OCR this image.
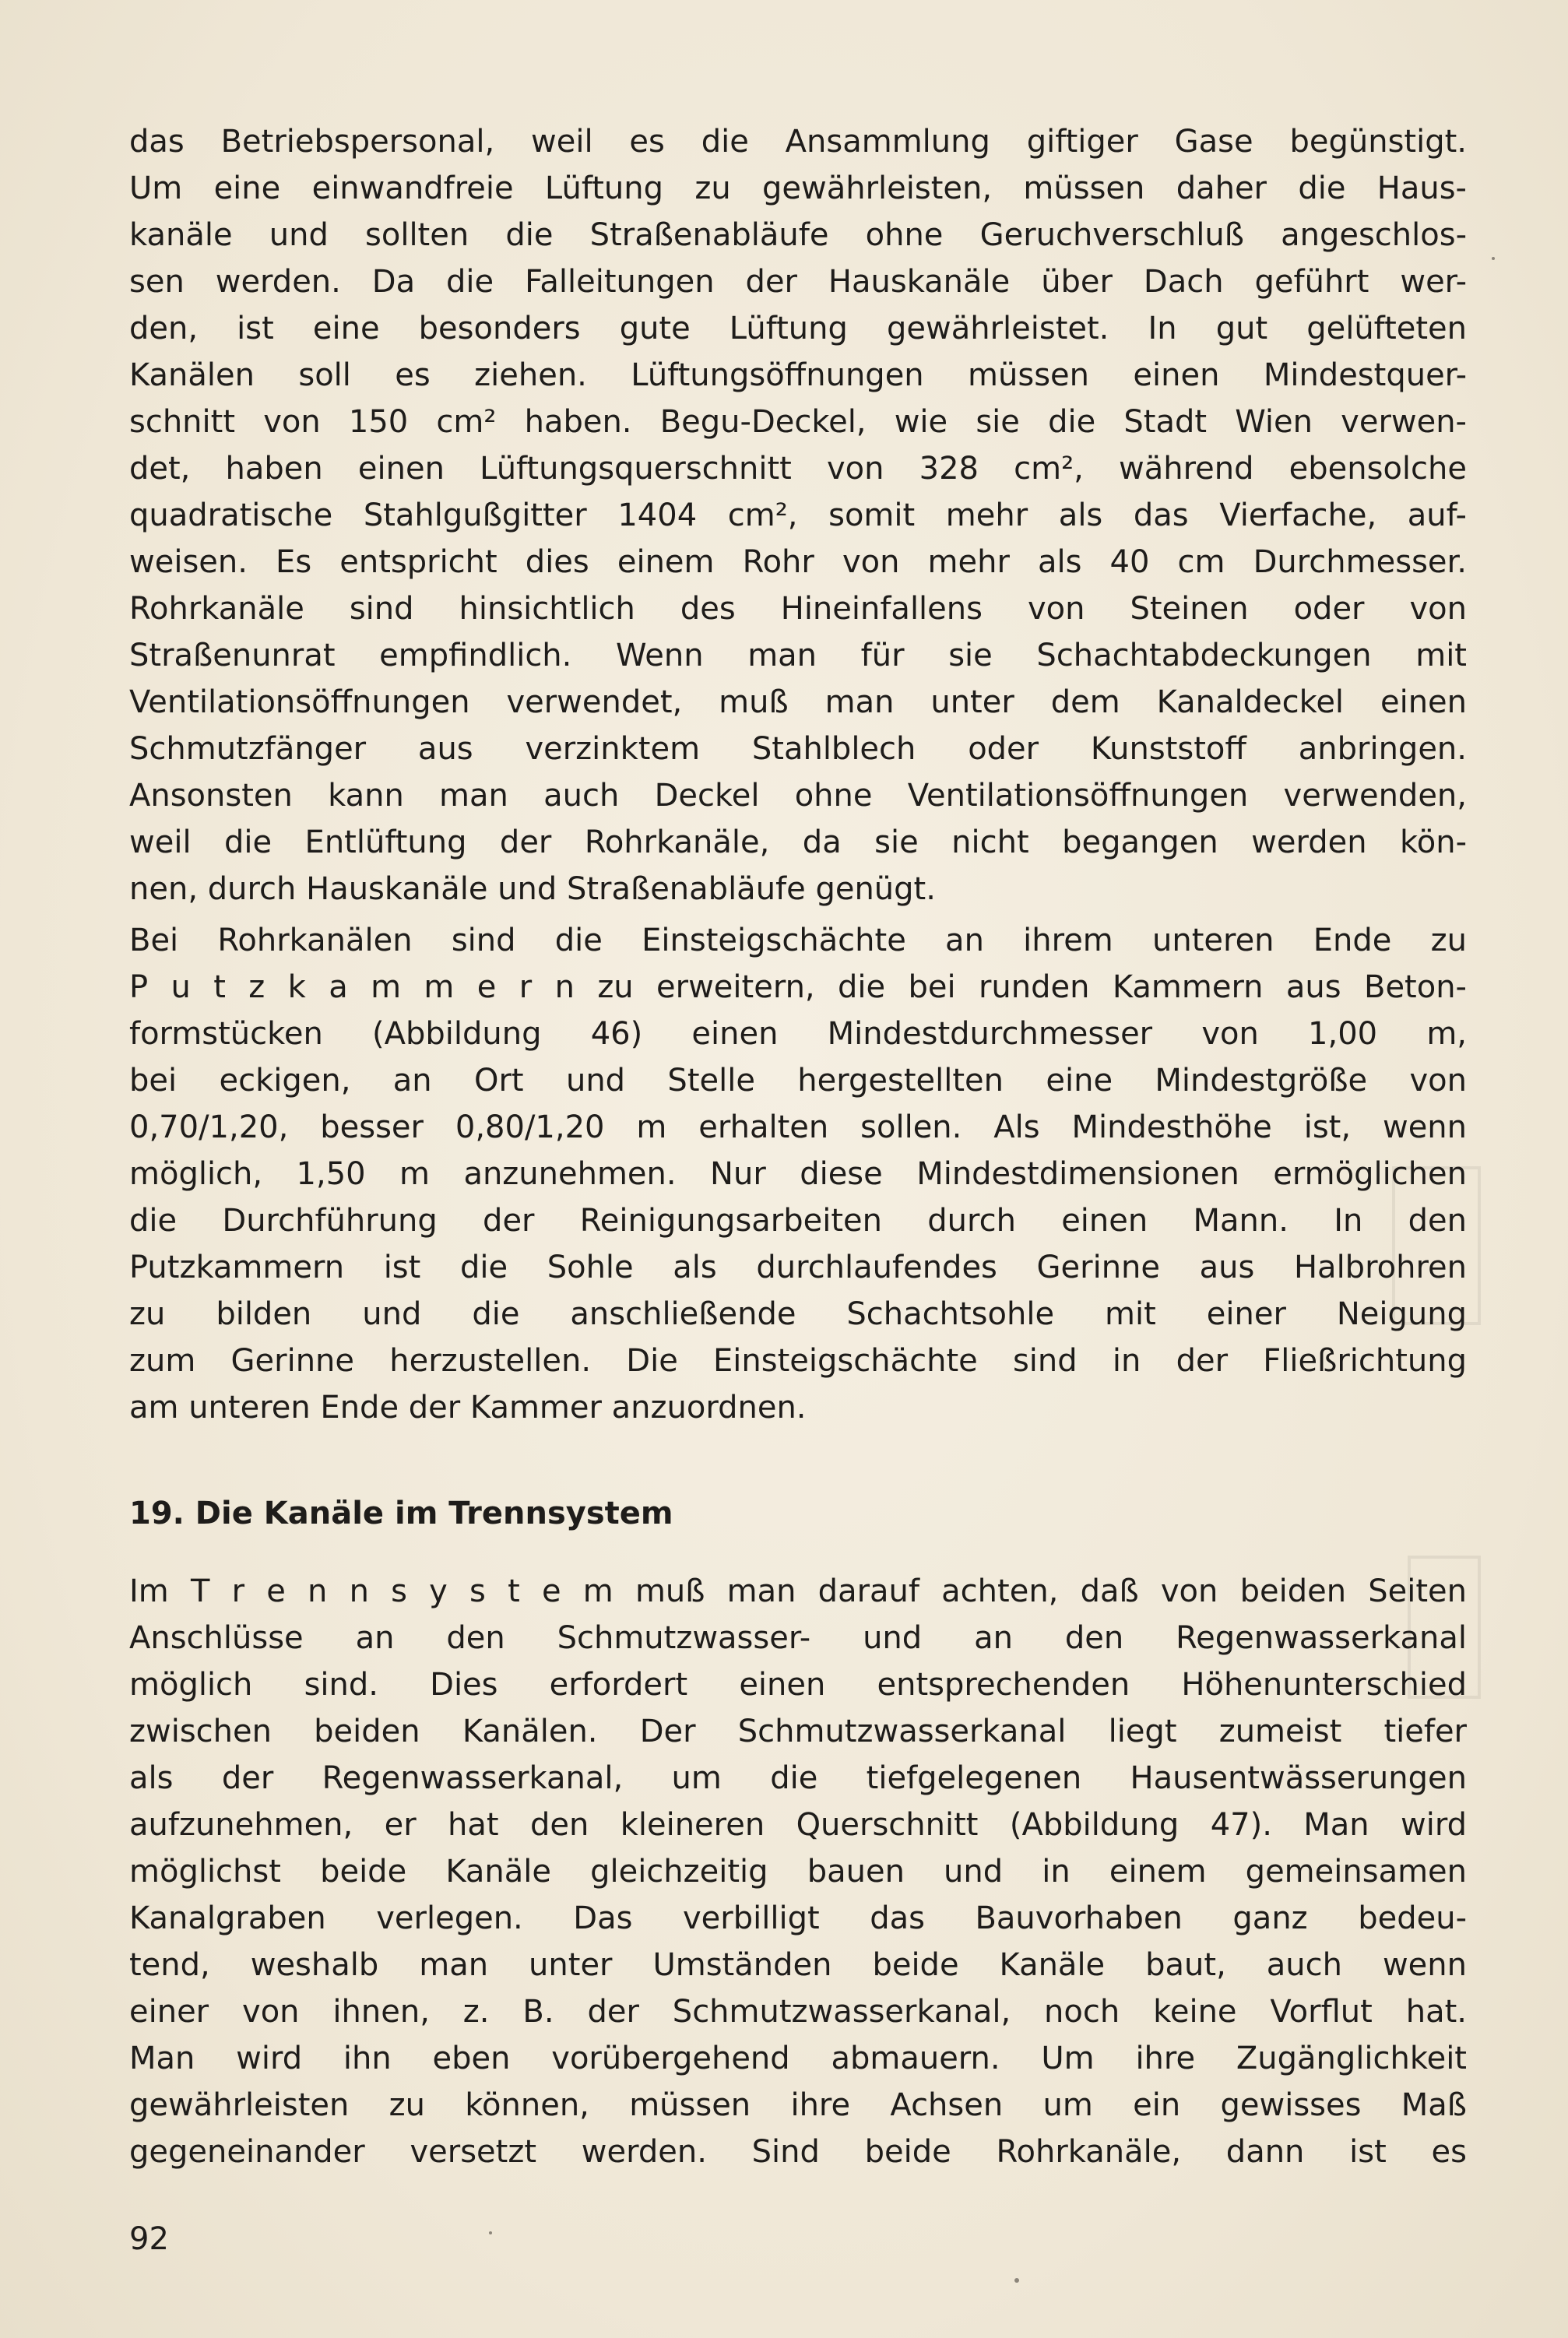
das Betriebspersonal, weil es die Ansammlung giftiger Gase begünstigt.
Um eine einwandfreie Lüftung zu gewährleisten, müssen daher die Haus-
kanäle und sollten die Straßenabläufe ohne Geruchverschluß angeschlos-
sen werden. Da die Falleitungen der Hauskanäle über Dach geführt wer-
den, ist eine besonders gute Lüftung gewährleistet. In gut gelüfteten
Kanälen soll es ziehen. Lüftungsöffnungen müssen einen Mindestquer-
schnitt von 150 cm² haben. Begu-Deckel, wie sie die Stadt Wien verwen-
det, haben einen Lüftungsquerschnitt von 328 cm², während ebensolche
quadratische Stahlgußgitter 1404 cm², somit mehr als das Vierfache, auf-
weisen. Es entspricht dies einem Rohr von mehr als 40 cm Durchmesser.
Rohrkanäle sind hinsichtlich des Hineinfallens von Steinen oder von
Straßenunrat empfindlich. Wenn man für sie Schachtabdeckungen mit
Ventilationsöffnungen verwendet, muß man unter dem Kanaldeckel einen
Schmutzfänger aus verzinktem Stahlblech oder Kunststoff anbringen.
Ansonsten kann man auch Deckel ohne Ventilationsöffnungen verwenden,
weil die Entlüftung der Rohrkanäle, da sie nicht begangen werden kön-
nen, durch Hauskanäle und Straßenabläufe genügt.
Bei Rohrkanälen sind die Einsteigschächte an ihrem unteren Ende zu
P u t z k a m m e r n zu erweitern, die bei runden Kammern aus Beton-
formstücken (Abbildung 46) einen Mindestdurchmesser von 1,00 m,
bei eckigen, an Ort und Stelle hergestellten eine Mindestgröße von
0,70/1,20, besser 0,80/1,20 m erhalten sollen. Als Mindesthöhe ist, wenn
möglich, 1,50 m anzunehmen. Nur diese Mindestdimensionen ermöglichen
die Durchführung der Reinigungsarbeiten durch einen Mann. In den
Putzkammern ist die Sohle als durchlaufendes Gerinne aus Halbrohren
zu bilden und die anschließende Schachtsohle mit einer Neigung
zum Gerinne herzustellen. Die Einsteigschächte sind in der Fließrichtung
am unteren Ende der Kammer anzuordnen.
19. Die Kanäle im Trennsystem
Im T r e n n s y s t e m muß man darauf achten, daß von beiden Seiten
Anschlüsse an den Schmutzwasser- und an den Regenwasserkanal
möglich sind. Dies erfordert einen entsprechenden Höhenunterschied
zwischen beiden Kanälen. Der Schmutzwasserkanal liegt zumeist tiefer
als der Regenwasserkanal, um die tiefgelegenen Hausentwässerungen
aufzunehmen, er hat den kleineren Querschnitt (Abbildung 47). Man wird
möglichst beide Kanäle gleichzeitig bauen und in einem gemeinsamen
Kanalgraben verlegen. Das verbilligt das Bauvorhaben ganz bedeu-
tend, weshalb man unter Umständen beide Kanäle baut, auch wenn
einer von ihnen, z. B. der Schmutzwasserkanal, noch keine Vorflut hat.
Man wird ihn eben vorübergehend abmauern. Um ihre Zugänglichkeit
gewährleisten zu können, müssen ihre Achsen um ein gewisses Maß
gegeneinander versetzt werden. Sind beide Rohrkanäle, dann ist es
92
